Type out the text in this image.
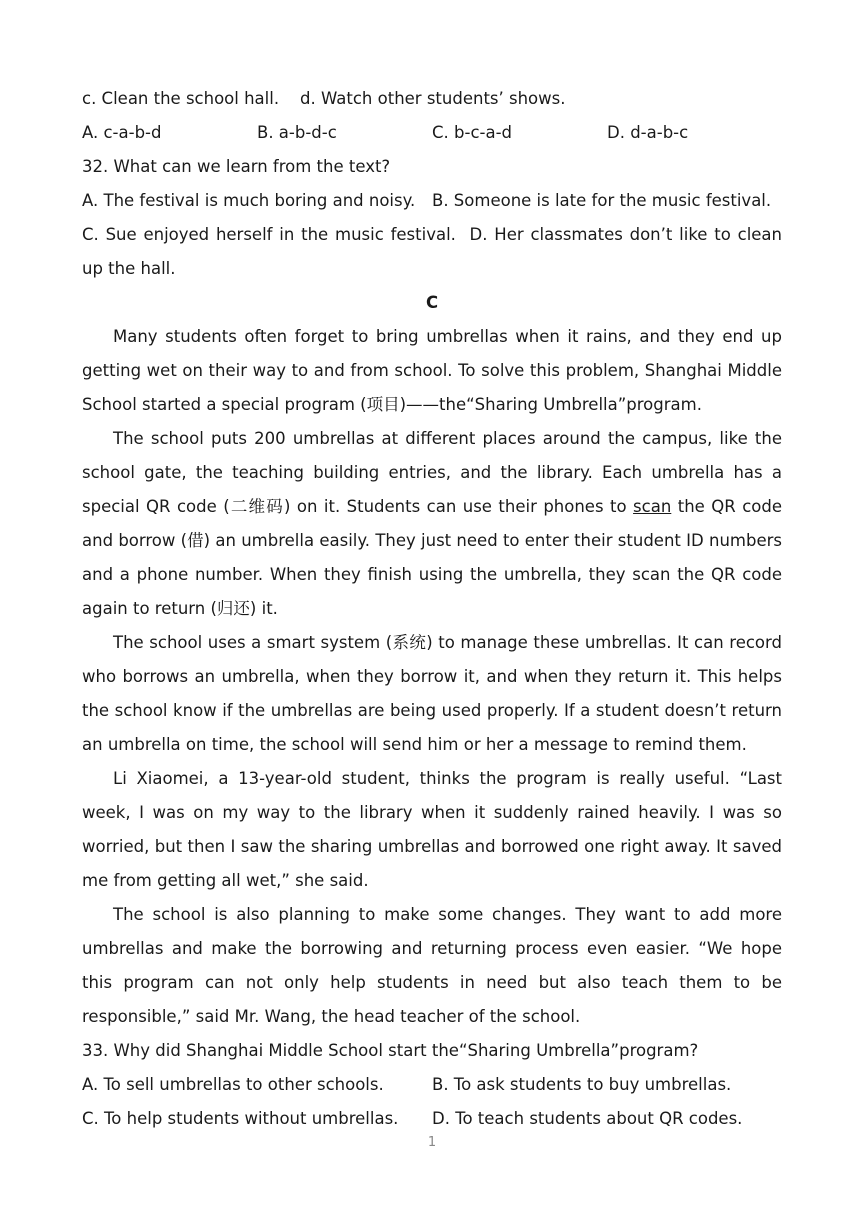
c. Clean the school hall.    d. Watch other students’ shows.
A. c-a-b-d	B. a-b-d-c	C. b-c-a-d	D. d-a-b-c
32. What can we learn from the text?
A. The festival is much boring and noisy.	B. Someone is late for the music festival.
C. Sue enjoyed herself in the music festival. D. Her classmates don’t like to clean up the hall.
C

Many students often forget to bring umbrellas when it rains, and they end up getting wet on their way to and from school. To solve this problem, Shanghai Middle School started a special program (项目)——the“Sharing Umbrella”program.

The school puts 200 umbrellas at different places around the campus, like the school gate, the teaching building entries, and the library. Each umbrella has a special QR code (二维码) on it. Students can use their phones to scan the QR code and borrow (借) an umbrella easily. They just need to enter their student ID numbers and a phone number. When they finish using the umbrella, they scan the QR code again to return (归还) it.

The school uses a smart system (系统) to manage these umbrellas. It can record who borrows an umbrella, when they borrow it, and when they return it. This helps the school know if the umbrellas are being used properly. If a student doesn’t return an umbrella on time, the school will send him or her a message to remind them.

Li Xiaomei, a 13-year-old student, thinks the program is really useful. “Last week, I was on my way to the library when it suddenly rained heavily. I was so worried, but then I saw the sharing umbrellas and borrowed one right away. It saved me from getting all wet,” she said.

The school is also planning to make some changes. They want to add more umbrellas and make the borrowing and returning process even easier. “We hope this program can not only help students in need but also teach them to be responsible,” said Mr. Wang, the head teacher of the school.

33. Why did Shanghai Middle School start the“Sharing Umbrella”program?
A. To sell umbrellas to other schools.	B. To ask students to buy umbrellas.
C. To help students without umbrellas.	D. To teach students about QR codes.
1
